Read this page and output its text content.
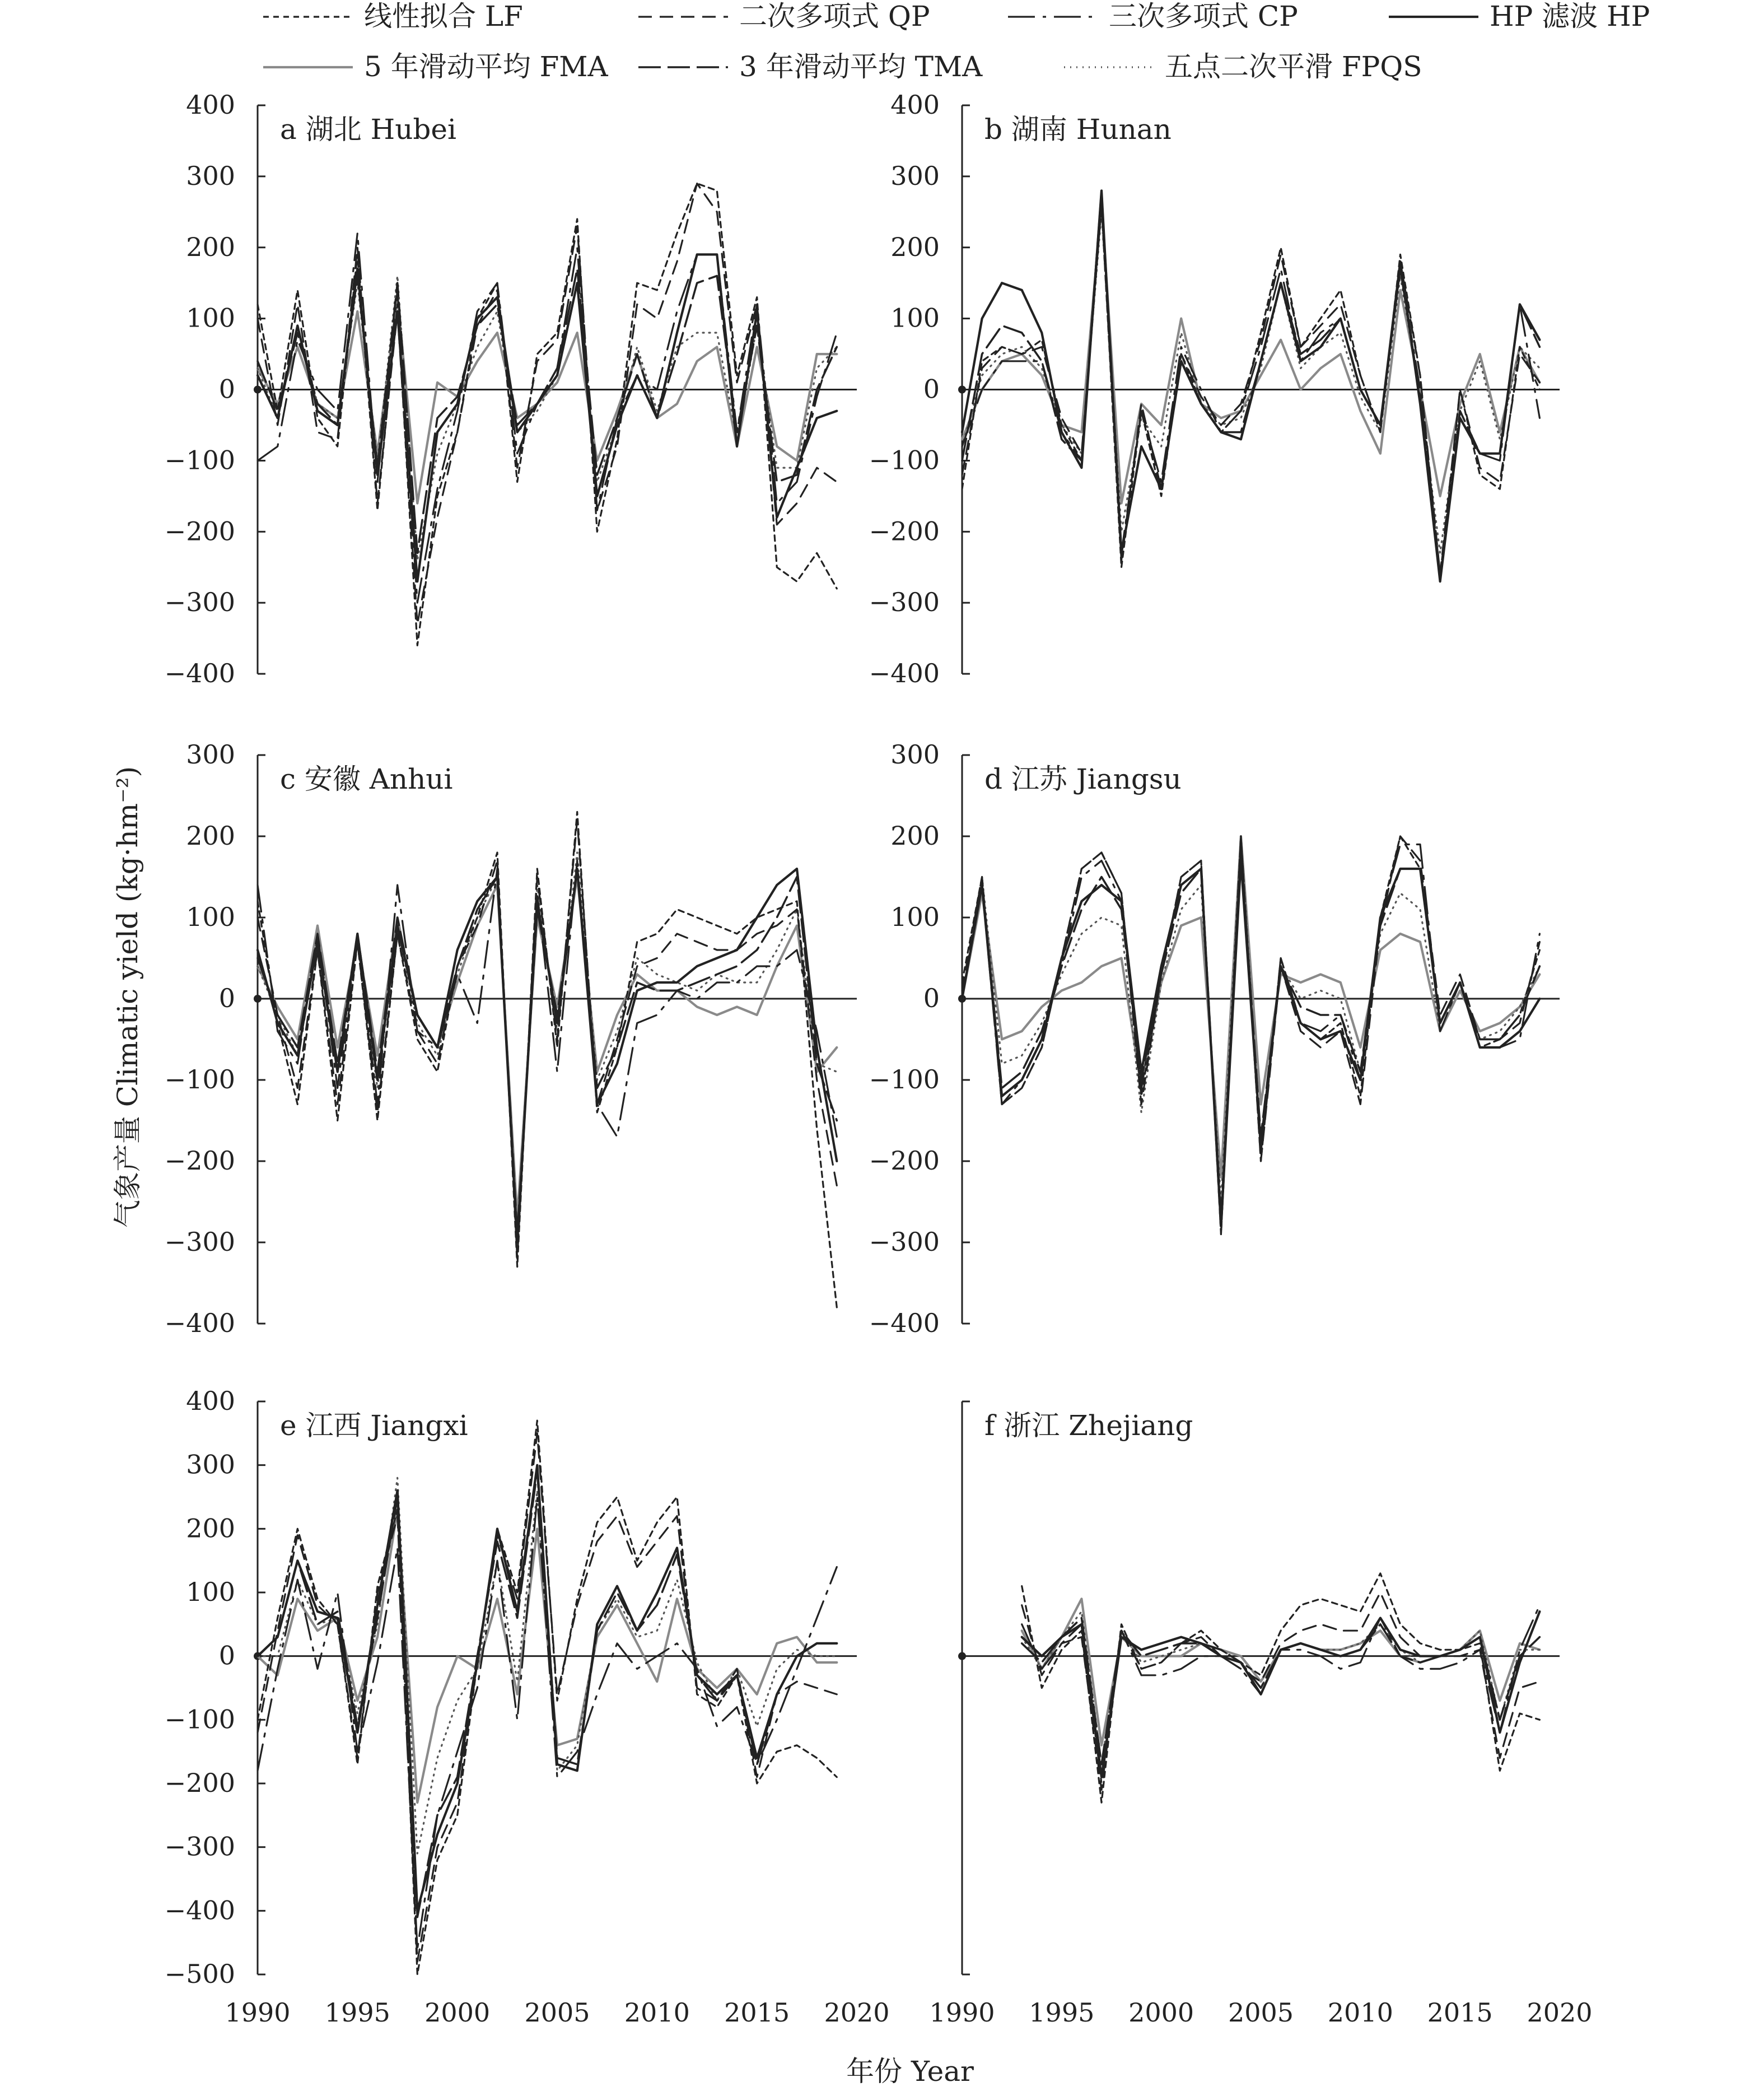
线性拟合 LF	二次多项式 QP	三次多项式 CP	HP 滤波 HP
5 年滑动平均 FMA	3 年滑动平均 TMA	五点二次平滑 FPQS
400
300
200
100
0
−100
−200
−300
−400
a 湖北 Hubei
400
300
200
100
0
−100
−200
−300
−400
b 湖南 Hunan
300
200
100
0
−100
−200
−300
−400
c 安徽 Anhui
300
200
100
0
−100
−200
−300
−400
d 江苏 Jiangsu
400
300
200
100
0
−100
−200
−300
−400
−500
e 江西 Jiangxi	f 浙江 Zhejiang
1990 1995 2000 2005 2010 2015 2020 1990 1995 2000 2005 2010 2015 2020
年份 Year
气象产量 Climatic yield (kg·hm⁻²)
